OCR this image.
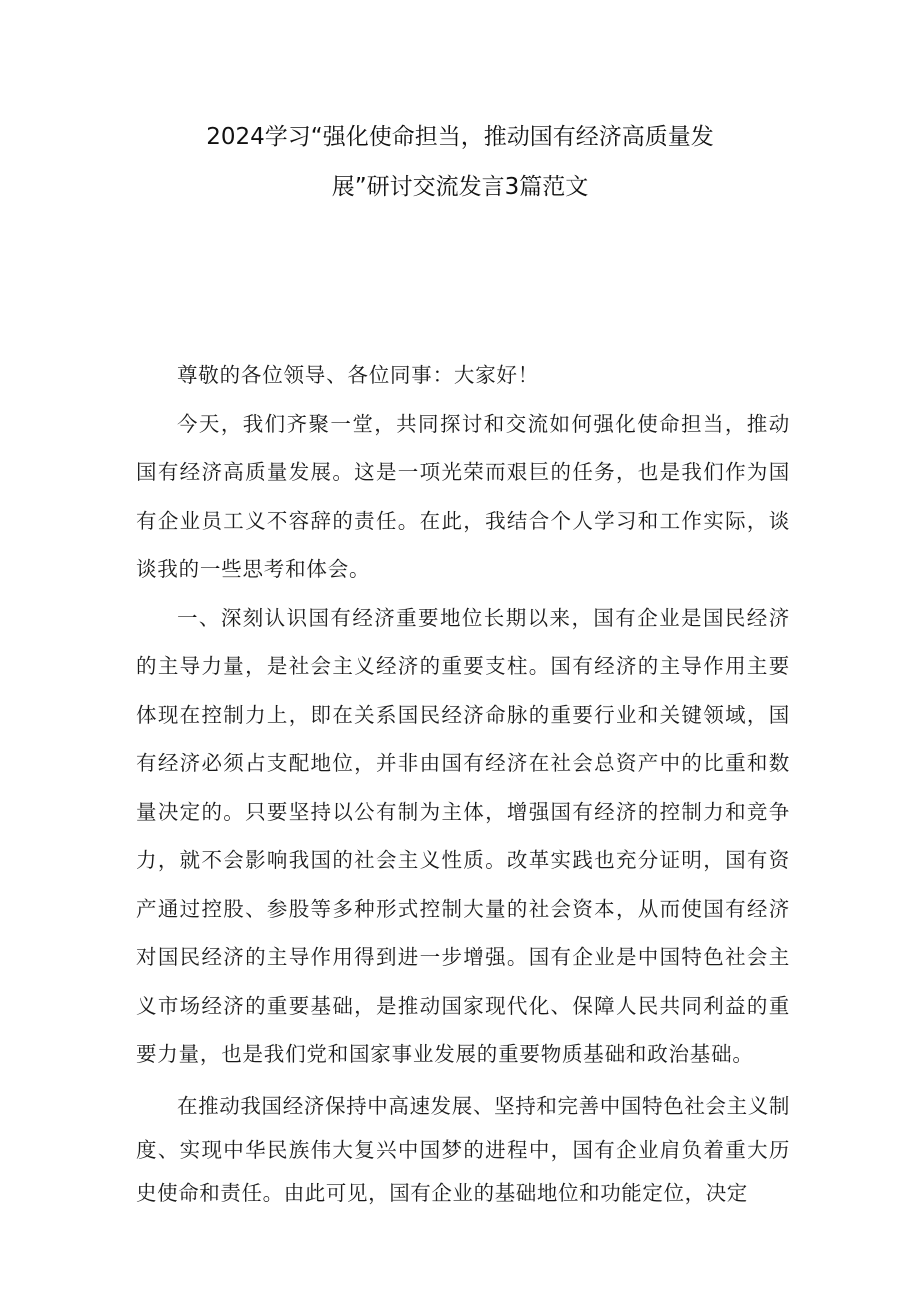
2024学习“强化使命担当，推动国有经济高质量发
展”研讨交流发言3篇范文

尊敬的各位领导、各位同事：大家好！

今天，我们齐聚一堂，共同探讨和交流如何强化使命担当，推动国有经济高质量发展。这是一项光荣而艰巨的任务，也是我们作为国有企业员工义不容辞的责任。在此，我结合个人学习和工作实际，谈谈我的一些思考和体会。

一、深刻认识国有经济重要地位长期以来，国有企业是国民经济的主导力量，是社会主义经济的重要支柱。国有经济的主导作用主要体现在控制力上，即在关系国民经济命脉的重要行业和关键领域，国有经济必须占支配地位，并非由国有经济在社会总资产中的比重和数量决定的。只要坚持以公有制为主体，增强国有经济的控制力和竞争力，就不会影响我国的社会主义性质。改革实践也充分证明，国有资产通过控股、参股等多种形式控制大量的社会资本，从而使国有经济对国民经济的主导作用得到进一步增强。国有企业是中国特色社会主义市场经济的重要基础，是推动国家现代化、保障人民共同利益的重要力量，也是我们党和国家事业发展的重要物质基础和政治基础。

在推动我国经济保持中高速发展、坚持和完善中国特色社会主义制度、实现中华民族伟大复兴中国梦的进程中，国有企业肩负着重大历史使命和责任。由此可见，国有企业的基础地位和功能定位，决定
